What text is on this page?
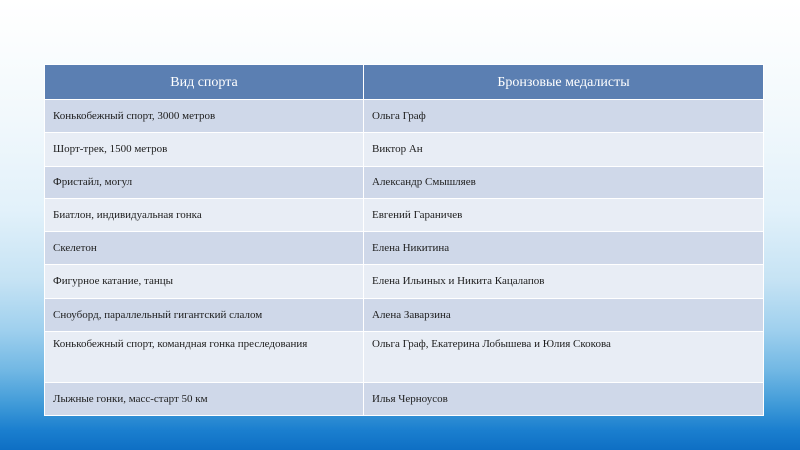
Вид спорта	Бронзовые медалисты
Конькобежный спорт, 3000 метров	Ольга Граф
Шорт-трек, 1500 метров	Виктор Ан
Фристайл, могул	Александр Смышляев
Биатлон, индивидуальная гонка	Евгений Гараничев
Скелетон	Елена Никитина
Фигурное катание, танцы	Елена Ильиных и Никита Кацалапов
Сноуборд, параллельный гигантский слалом	Алена Заварзина
Конькобежный спорт, командная гонка преследования	Ольга Граф, Екатерина Лобышева и Юлия Скокова
Лыжные гонки, масс-старт 50 км	Илья Черноусов
